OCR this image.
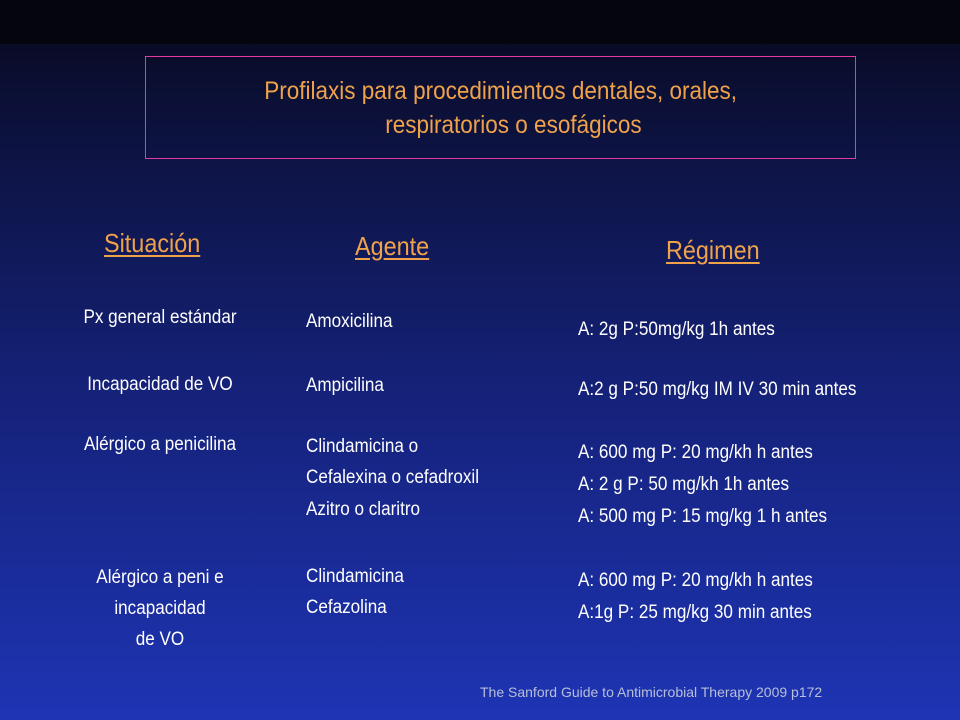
Profilaxis para procedimientos dentales, orales,
respiratorios o esofágicos
Situación	Agente	Régimen
Px general estándar
Incapacidad de VO
Alérgico a penicilina
Alérgico a peni e
incapacidad
de VO
Amoxicilina
Ampicilina
Clindamicina o
Cefalexina o cefadroxil
Azitro o claritro
Clindamicina
Cefazolina
A: 2g P:50mg/kg 1h antes
A:2 g P:50 mg/kg IM IV 30 min antes
A: 600 mg P: 20 mg/kh h antes
A: 2 g P: 50 mg/kh 1h antes
A: 500 mg P: 15 mg/kg 1 h antes
A: 600 mg P: 20 mg/kh h antes
A:1g P: 25 mg/kg 30 min antes
The Sanford Guide to Antimicrobial Therapy 2009 p172
